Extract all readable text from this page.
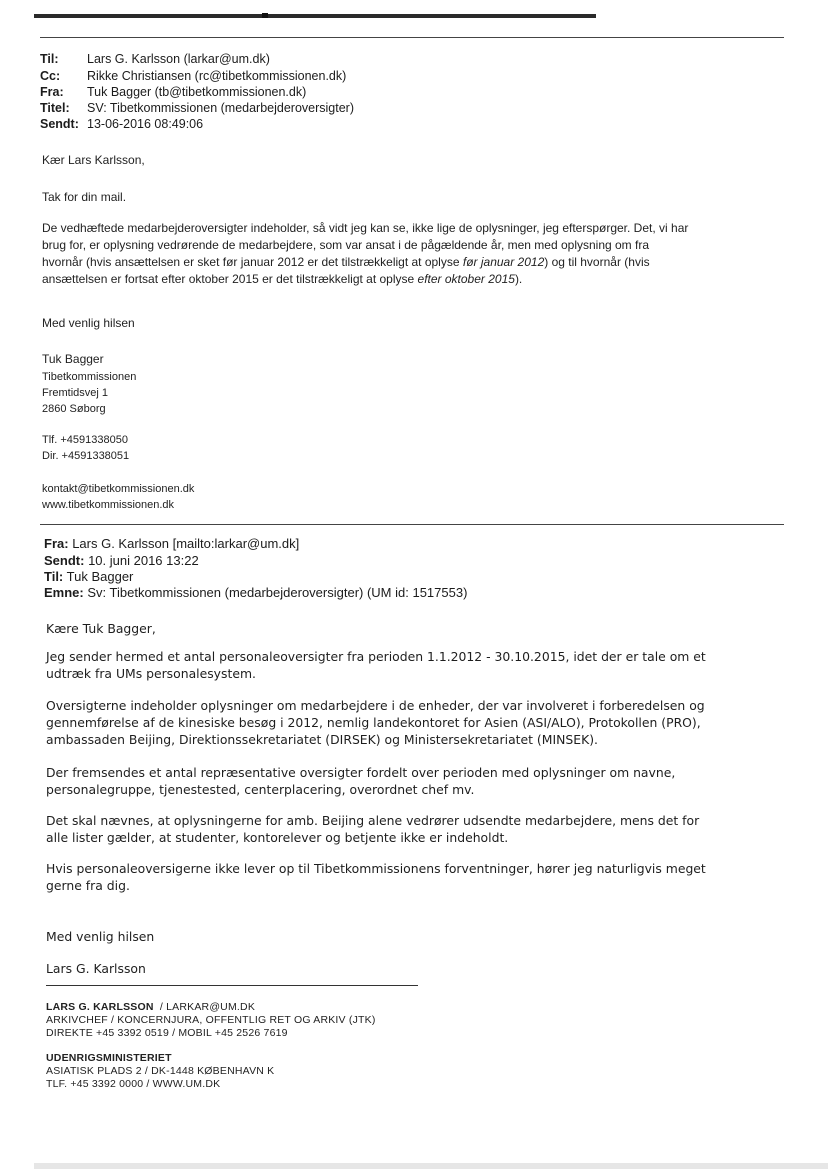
Til: Lars G. Karlsson (larkar@um.dk)
Cc: Rikke Christiansen (rc@tibetkommissionen.dk)
Fra: Tuk Bagger (tb@tibetkommissionen.dk)
Titel: SV: Tibetkommissionen (medarbejderoversigter)
Sendt: 13-06-2016 08:49:06
Kær Lars Karlsson,
Tak for din mail.
De vedhæftede medarbejderoversigter indeholder, så vidt jeg kan se, ikke lige de oplysninger, jeg efterspørger. Det, vi har
brug for, er oplysning vedrørende de medarbejdere, som var ansat i de pågældende år, men med oplysning om fra
hvornår (hvis ansættelsen er sket før januar 2012 er det tilstrækkeligt at oplyse før januar 2012) og til hvornår (hvis
ansættelsen er fortsat efter oktober 2015 er det tilstrækkeligt at oplyse efter oktober 2015).
Med venlig hilsen
Tuk Bagger
Tibetkommissionen
Fremtidsvej 1
2860 Søborg
Tlf. +4591338050
Dir. +4591338051
kontakt@tibetkommissionen.dk
www.tibetkommissionen.dk
Fra: Lars G. Karlsson [mailto:larkar@um.dk]
Sendt: 10. juni 2016 13:22
Til: Tuk Bagger
Emne: Sv: Tibetkommissionen (medarbejderoversigter) (UM id: 1517553)
Kære Tuk Bagger,
Jeg sender hermed et antal personaleoversigter fra perioden 1.1.2012 - 30.10.2015, idet der er tale om et
udtræk fra UMs personalesystem.
Oversigterne indeholder oplysninger om medarbejdere i de enheder, der var involveret i forberedelsen og
gennemførelse af de kinesiske besøg i 2012, nemlig landekontoret for Asien (ASI/ALO), Protokollen (PRO),
ambassaden Beijing, Direktionssekretariatet (DIRSEK) og Ministersekretariatet (MINSEK).
Der fremsendes et antal repræsentative oversigter fordelt over perioden med oplysninger om navne,
personalegruppe, tjenestested, centerplacering, overordnet chef mv.
Det skal nævnes, at oplysningerne for amb. Beijing alene vedrører udsendte medarbejdere, mens det for
alle lister gælder, at studenter, kontorelever og betjente ikke er indeholdt.
Hvis personaleoversigerne ikke lever op til Tibetkommissionens forventninger, hører jeg naturligvis meget
gerne fra dig.
Med venlig hilsen
Lars G. Karlsson
LARS G. KARLSSON / LARKAR@UM.DK
ARKIVCHEF / KONCERNJURA, OFFENTLIG RET OG ARKIV (JTK)
DIREKTE +45 3392 0519 / MOBIL +45 2526 7619
UDENRIGSMINISTERIET
ASIATISK PLADS 2 / DK-1448 KØBENHAVN K
TLF. +45 3392 0000 / WWW.UM.DK
